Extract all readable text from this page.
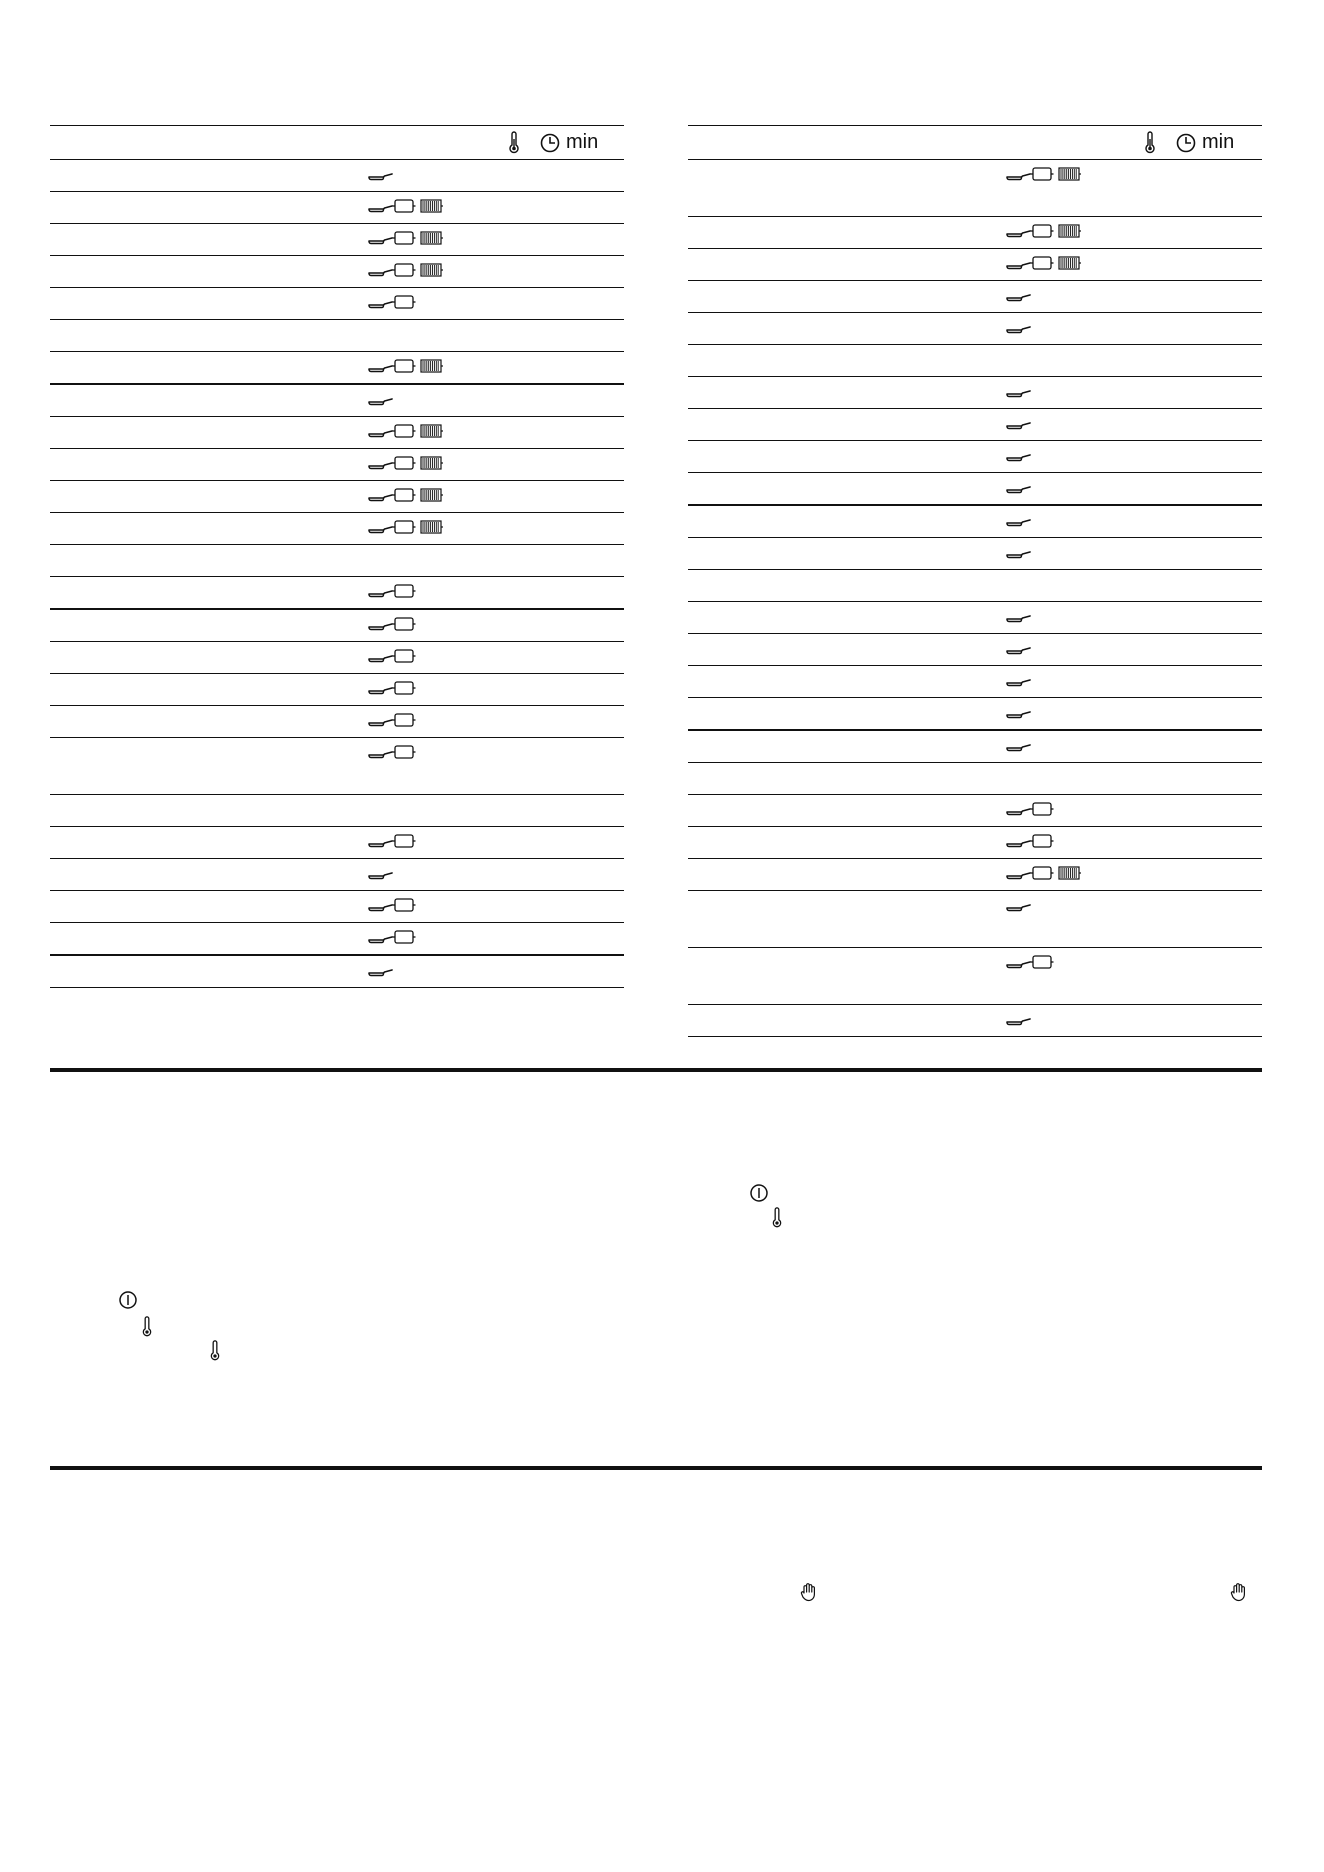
min	min
